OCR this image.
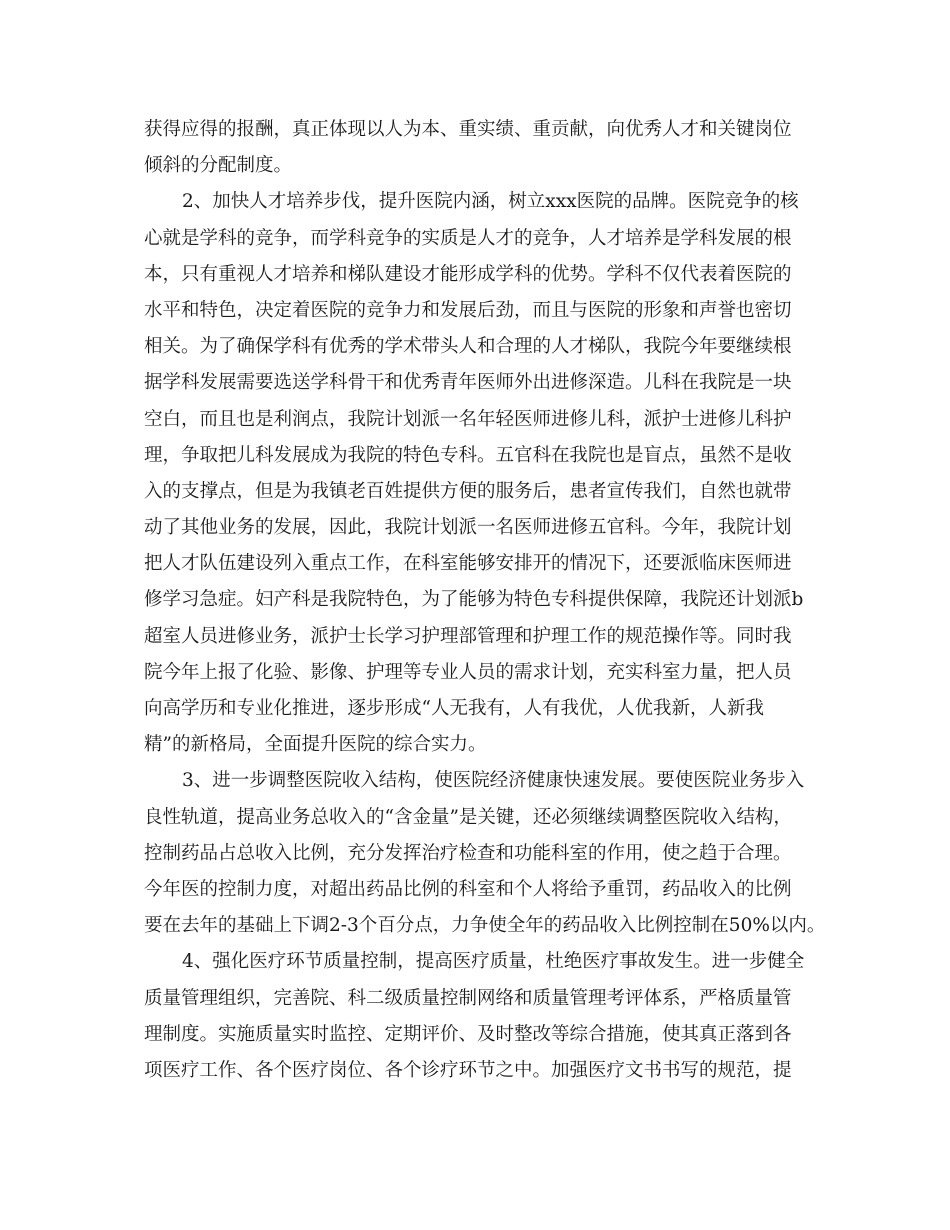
获得应得的报酬，真正体现以人为本、重实绩、重贡献，向优秀人才和关键岗位
倾斜的分配制度。
2、加快人才培养步伐，提升医院内涵，树立xxx医院的品牌。医院竞争的核
心就是学科的竞争，而学科竞争的实质是人才的竞争，人才培养是学科发展的根
本，只有重视人才培养和梯队建设才能形成学科的优势。学科不仅代表着医院的
水平和特色，决定着医院的竞争力和发展后劲，而且与医院的形象和声誉也密切
相关。为了确保学科有优秀的学术带头人和合理的人才梯队，我院今年要继续根
据学科发展需要选送学科骨干和优秀青年医师外出进修深造。儿科在我院是一块
空白，而且也是利润点，我院计划派一名年轻医师进修儿科，派护士进修儿科护
理，争取把儿科发展成为我院的特色专科。五官科在我院也是盲点，虽然不是收
入的支撑点，但是为我镇老百姓提供方便的服务后，患者宣传我们，自然也就带
动了其他业务的发展，因此，我院计划派一名医师进修五官科。今年，我院计划
把人才队伍建设列入重点工作，在科室能够安排开的情况下，还要派临床医师进
修学习急症。妇产科是我院特色，为了能够为特色专科提供保障，我院还计划派b
超室人员进修业务，派护士长学习护理部管理和护理工作的规范操作等。同时我
院今年上报了化验、影像、护理等专业人员的需求计划，充实科室力量，把人员
向高学历和专业化推进，逐步形成“人无我有，人有我优，人优我新，人新我
精”的新格局，全面提升医院的综合实力。
3、进一步调整医院收入结构，使医院经济健康快速发展。要使医院业务步入
良性轨道，提高业务总收入的“含金量”是关键，还必须继续调整医院收入结构，
控制药品占总收入比例，充分发挥治疗检查和功能科室的作用，使之趋于合理。
今年医的控制力度，对超出药品比例的科室和个人将给予重罚，药品收入的比例
要在去年的基础上下调2-3个百分点，力争使全年的药品收入比例控制在50%以内。
4、强化医疗环节质量控制，提高医疗质量，杜绝医疗事故发生。进一步健全
质量管理组织，完善院、科二级质量控制网络和质量管理考评体系，严格质量管
理制度。实施质量实时监控、定期评价、及时整改等综合措施，使其真正落到各
项医疗工作、各个医疗岗位、各个诊疗环节之中。加强医疗文书书写的规范，提
